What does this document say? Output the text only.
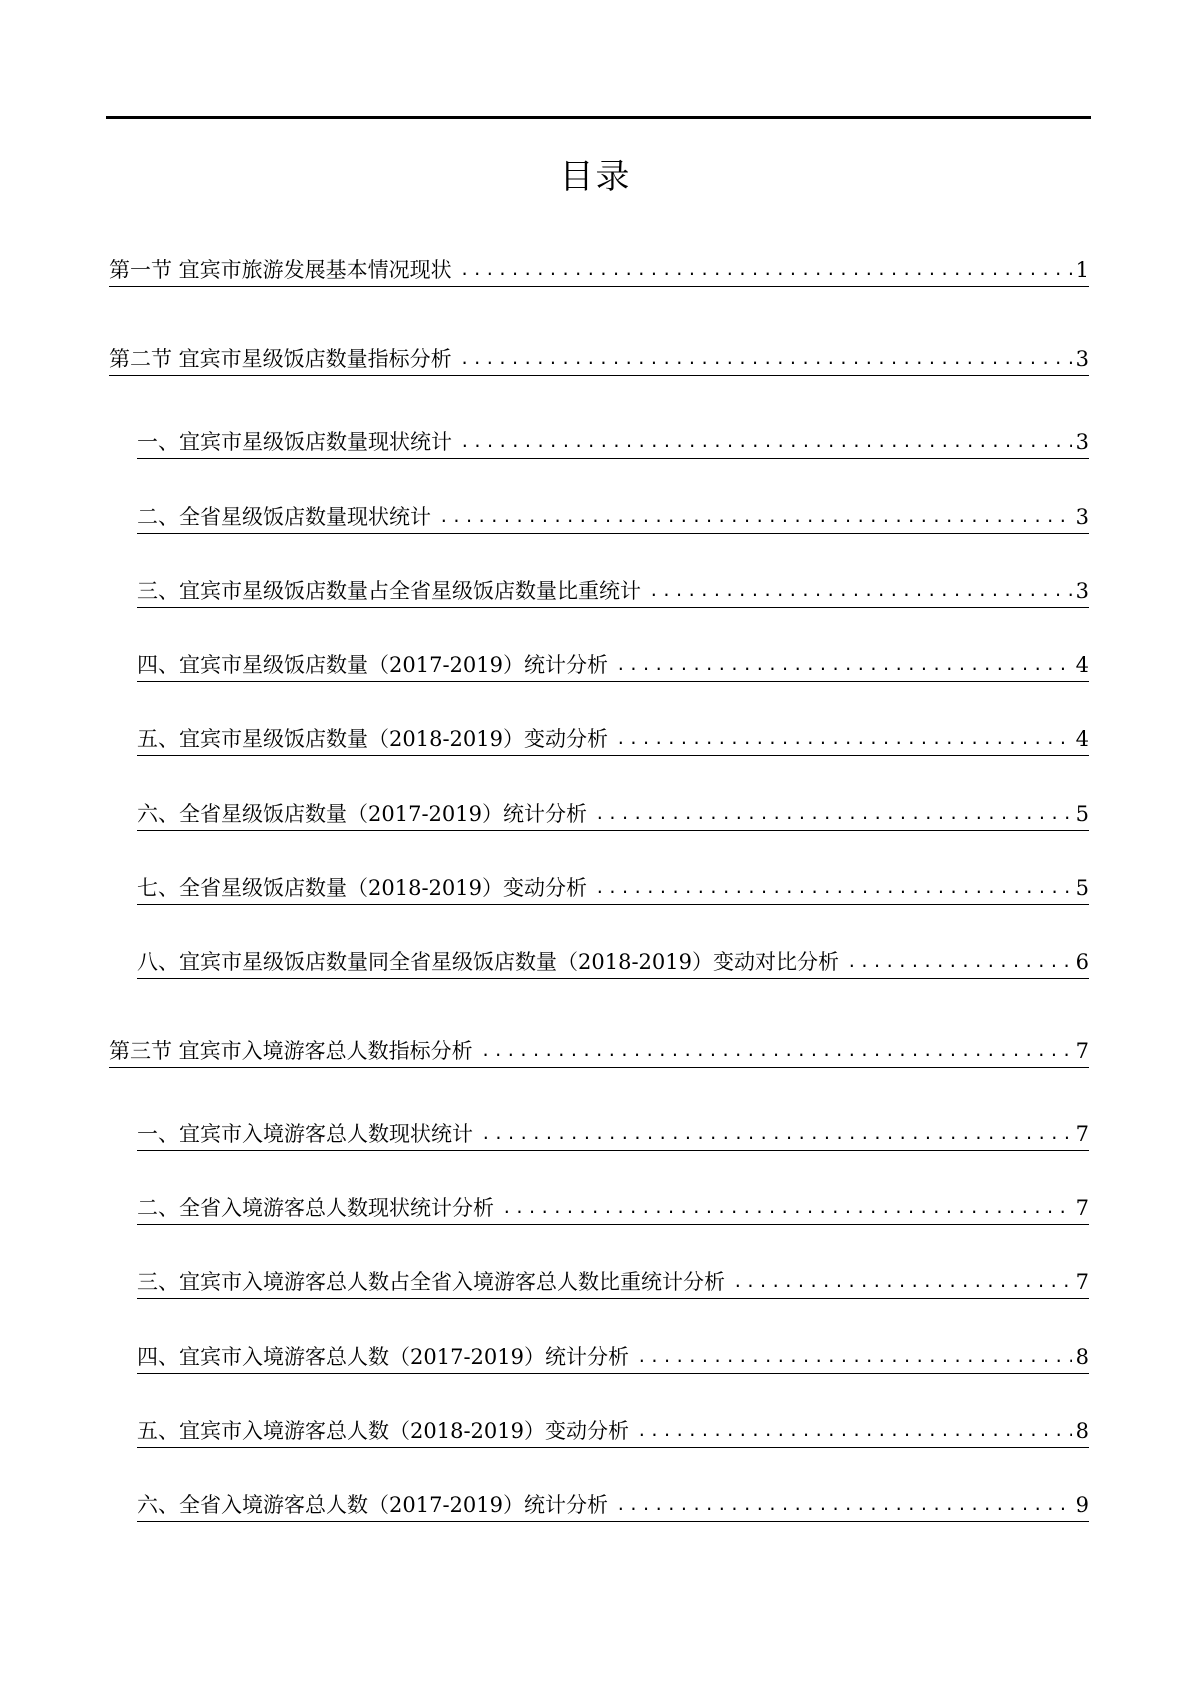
目录
第一节 宜宾市旅游发展基本情况现状 .....	1
第二节 宜宾市星级饭店数量指标分析 .....	3
一、宜宾市星级饭店数量现状统计 .....	3
二、全省星级饭店数量现状统计 .....	3
三、宜宾市星级饭店数量占全省星级饭店数量比重统计 .....	3
四、宜宾市星级饭店数量（2017-2019）统计分析 .....	4
五、宜宾市星级饭店数量（2018-2019）变动分析 .....	4
六、全省星级饭店数量（2017-2019）统计分析 .....	5
七、全省星级饭店数量（2018-2019）变动分析 .....	5
八、宜宾市星级饭店数量同全省星级饭店数量（2018-2019）变动对比分析 .....	6
第三节 宜宾市入境游客总人数指标分析 .....	7
一、宜宾市入境游客总人数现状统计 .....	7
二、全省入境游客总人数现状统计分析 .....	7
三、宜宾市入境游客总人数占全省入境游客总人数比重统计分析 .....	7
四、宜宾市入境游客总人数（2017-2019）统计分析 .....	8
五、宜宾市入境游客总人数（2018-2019）变动分析 .....	8
六、全省入境游客总人数（2017-2019）统计分析 .....	9
